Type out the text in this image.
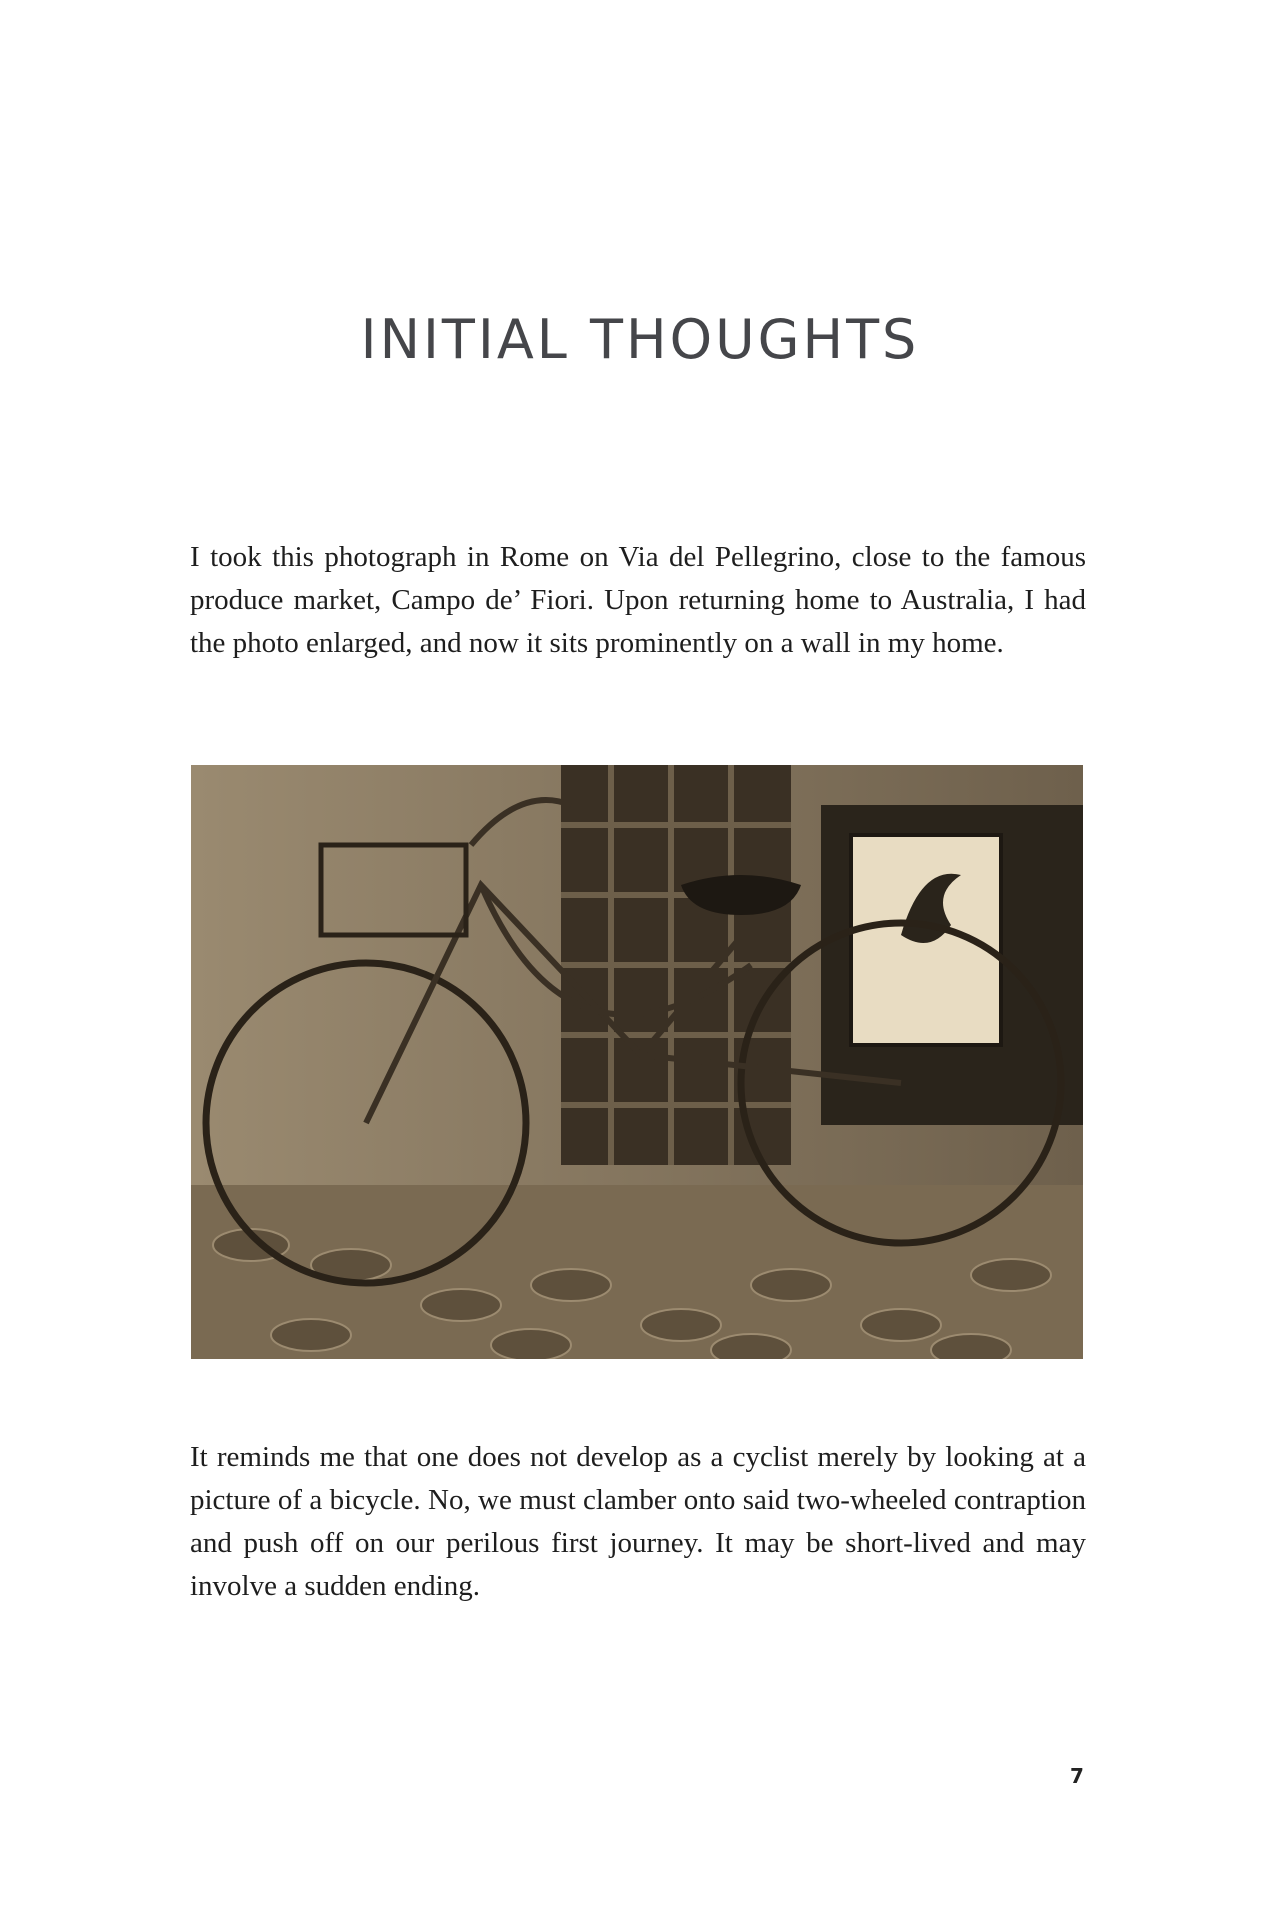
INITIAL THOUGHTS

I took this photograph in Rome on Via del Pellegrino, close to the famous produce market, Campo de’ Fiori. Upon returning home to Australia, I had the photo enlarged, and now it sits prominently on a wall in my home.

It reminds me that one does not develop as a cyclist merely by looking at a picture of a bicycle. No, we must clamber onto said two-wheeled contraption and push off on our perilous first journey. It may be short-lived and may involve a sudden ending.

7
